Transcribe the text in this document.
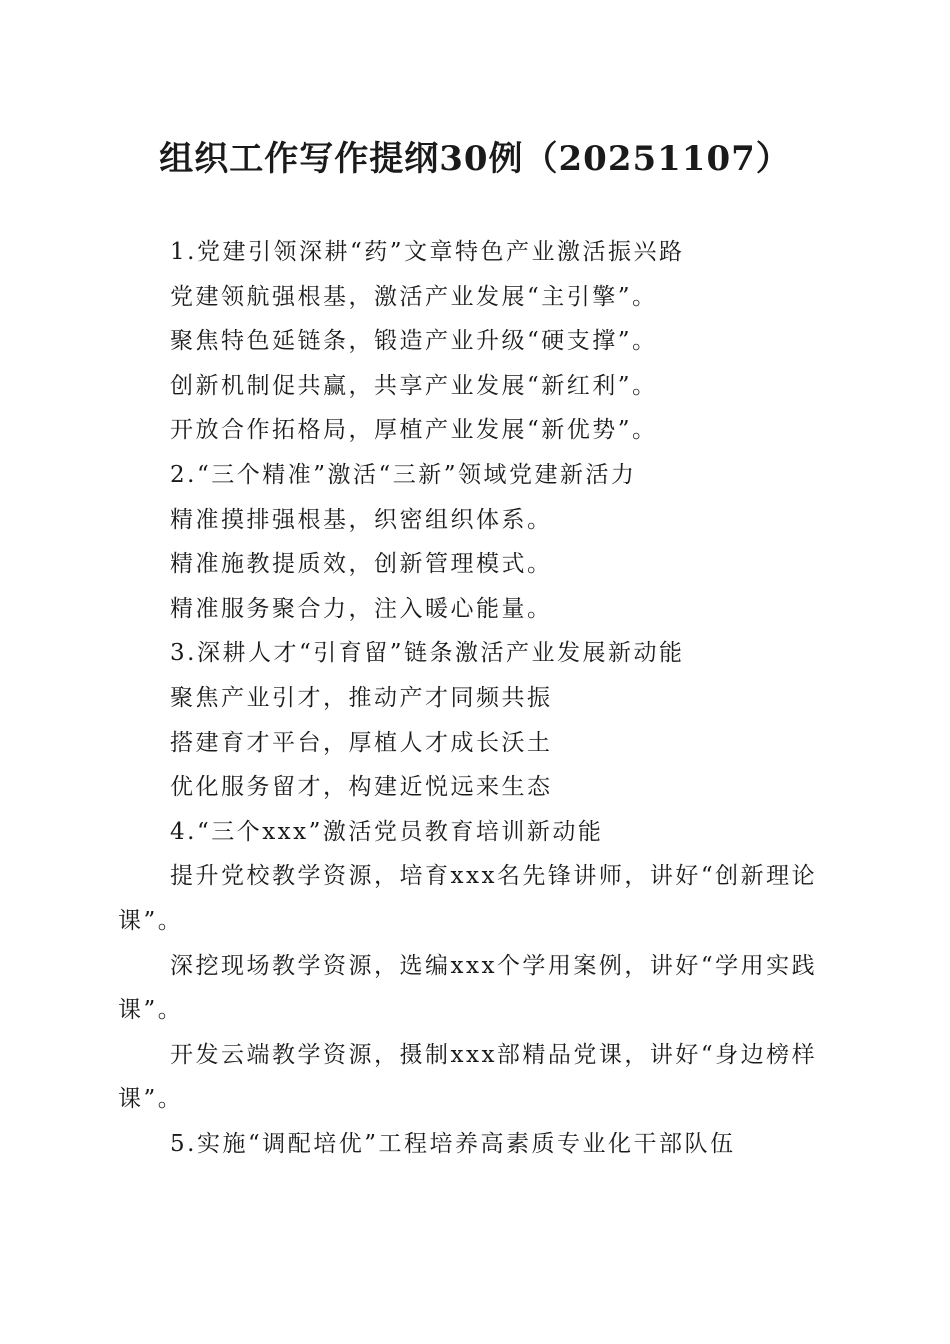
组织工作写作提纲30例（20251107）
1.党建引领深耕“药”文章特色产业激活振兴路
党建领航强根基，激活产业发展“主引擎”。
聚焦特色延链条，锻造产业升级“硬支撑”。
创新机制促共赢，共享产业发展“新红利”。
开放合作拓格局，厚植产业发展“新优势”。
2.“三个精准”激活“三新”领域党建新活力
精准摸排强根基，织密组织体系。
精准施教提质效，创新管理模式。
精准服务聚合力，注入暖心能量。
3.深耕人才“引育留”链条激活产业发展新动能
聚焦产业引才，推动产才同频共振
搭建育才平台，厚植人才成长沃土
优化服务留才，构建近悦远来生态
4.“三个xxx”激活党员教育培训新动能
提升党校教学资源，培育xxx名先锋讲师，讲好“创新理论课”。
深挖现场教学资源，选编xxx个学用案例，讲好“学用实践课”。
开发云端教学资源，摄制xxx部精品党课，讲好“身边榜样课”。
5.实施“调配培优”工程培养高素质专业化干部队伍
